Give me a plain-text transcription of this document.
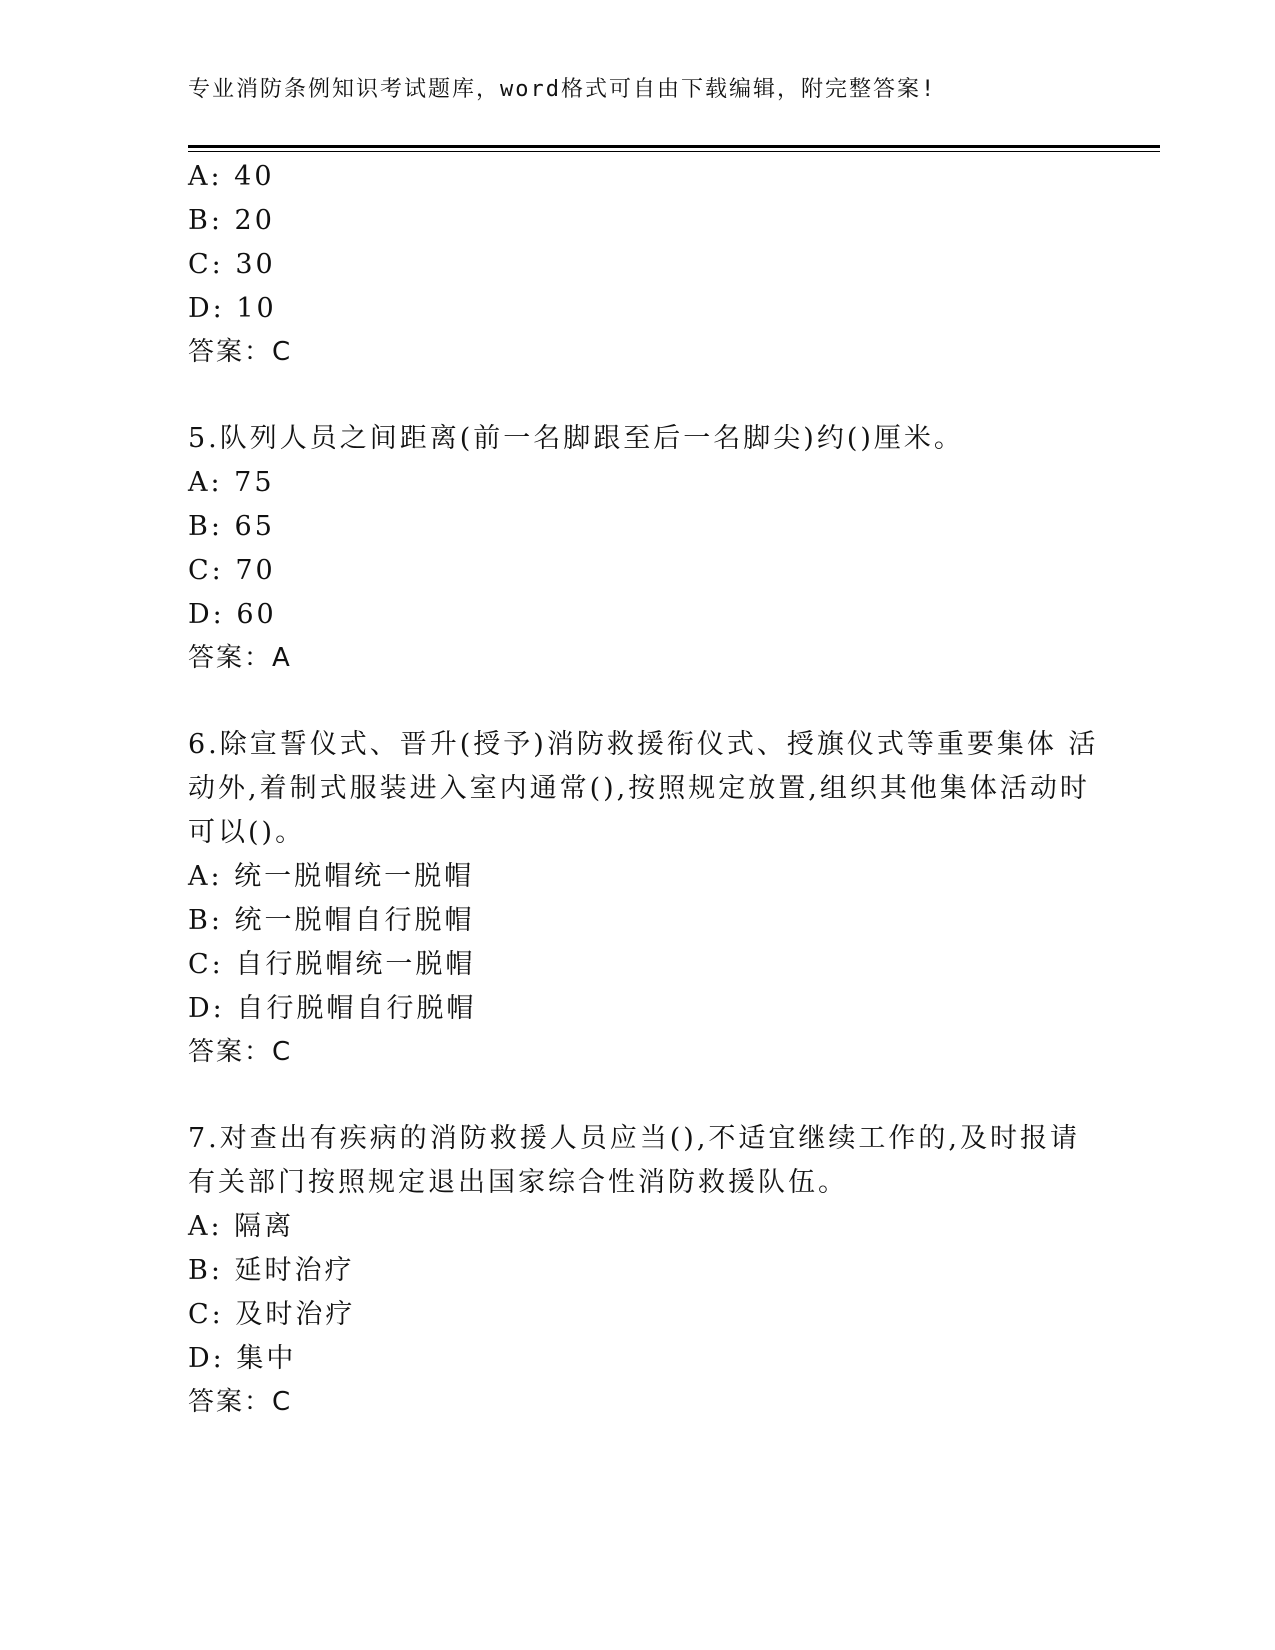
专业消防条例知识考试题库，word格式可自由下载编辑，附完整答案!
A: 40
B: 20
C: 30
D: 10
答案：C
5.队列人员之间距离(前一名脚跟至后一名脚尖)约()厘米。
A: 75
B: 65
C: 70
D: 60
答案：A
6.除宣誓仪式、晋升(授予)消防救援衔仪式、授旗仪式等重要集体 活
动外,着制式服装进入室内通常(),按照规定放置,组织其他集体活动时
可以()。
A: 统一脱帽统一脱帽
B: 统一脱帽自行脱帽
C: 自行脱帽统一脱帽
D: 自行脱帽自行脱帽
答案：C
7.对查出有疾病的消防救援人员应当(),不适宜继续工作的,及时报请
有关部门按照规定退出国家综合性消防救援队伍。
A: 隔离
B: 延时治疗
C: 及时治疗
D: 集中
答案：C
